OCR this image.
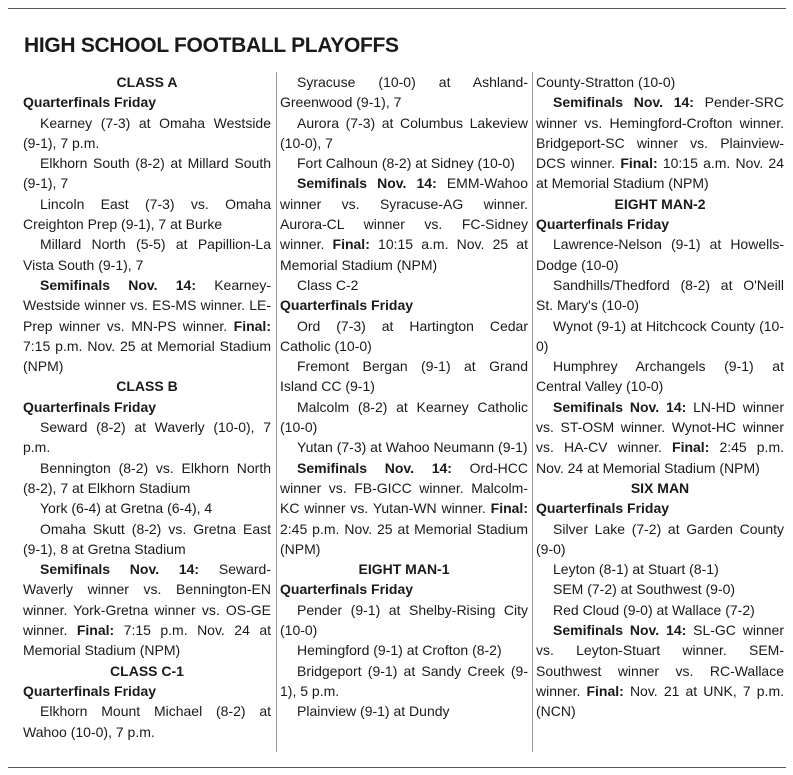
HIGH SCHOOL FOOTBALL PLAYOFFS
CLASS A
Quarterfinals Friday
Kearney (7-3) at Omaha Westside (9-1), 7 p.m.
Elkhorn South (8-2) at Millard South (9-1), 7
Lincoln East (7-3) vs. Omaha Creighton Prep (9-1), 7 at Burke
Millard North (5-5) at Papillion-La Vista South (9-1), 7
Semifinals Nov. 14: Kearney-Westside winner vs. ES-MS winner. LE-Prep winner vs. MN-PS winner. Final: 7:15 p.m. Nov. 25 at Memorial Stadium (NPM)
CLASS B
Quarterfinals Friday
Seward (8-2) at Waverly (10-0), 7 p.m.
Bennington (8-2) vs. Elkhorn North (8-2), 7 at Elkhorn Stadium
York (6-4) at Gretna (6-4), 4
Omaha Skutt (8-2) vs. Gretna East (9-1), 8 at Gretna Stadium
Semifinals Nov. 14: Seward-Waverly winner vs. Bennington-EN winner. York-Gretna winner vs. OS-GE winner. Final: 7:15 p.m. Nov. 24 at Memorial Stadium (NPM)
CLASS C-1
Quarterfinals Friday
Elkhorn Mount Michael (8-2) at Wahoo (10-0), 7 p.m.
Syracuse (10-0) at Ashland-Greenwood (9-1), 7
Aurora (7-3) at Columbus Lakeview (10-0), 7
Fort Calhoun (8-2) at Sidney (10-0)
Semifinals Nov. 14: EMM-Wahoo winner vs. Syracuse-AG winner. Aurora-CL winner vs. FC-Sidney winner. Final: 10:15 a.m. Nov. 25 at Memorial Stadium (NPM)
Class C-2
Quarterfinals Friday
Ord (7-3) at Hartington Cedar Catholic (10-0)
Fremont Bergan (9-1) at Grand Island CC (9-1)
Malcolm (8-2) at Kearney Catholic (10-0)
Yutan (7-3) at Wahoo Neumann (9-1)
Semifinals Nov. 14: Ord-HCC winner vs. FB-GICC winner. Malcolm-KC winner vs. Yutan-WN winner. Final: 2:45 p.m. Nov. 25 at Memorial Stadium (NPM)
EIGHT MAN-1
Quarterfinals Friday
Pender (9-1) at Shelby-Rising City (10-0)
Hemingford (9-1) at Crofton (8-2)
Bridgeport (9-1) at Sandy Creek (9-1), 5 p.m.
Plainview (9-1) at Dundy
County-Stratton (10-0)
Semifinals Nov. 14: Pender-SRC winner vs. Hemingford-Crofton winner. Bridgeport-SC winner vs. Plainview-DCS winner. Final: 10:15 a.m. Nov. 24 at Memorial Stadium (NPM)
EIGHT MAN-2
Quarterfinals Friday
Lawrence-Nelson (9-1) at Howells-Dodge (10-0)
Sandhills/Thedford (8-2) at O'Neill St. Mary's (10-0)
Wynot (9-1) at Hitchcock County (10-0)
Humphrey Archangels (9-1) at Central Valley (10-0)
Semifinals Nov. 14: LN-HD winner vs. ST-OSM winner. Wynot-HC winner vs. HA-CV winner. Final: 2:45 p.m. Nov. 24 at Memorial Stadium (NPM)
SIX MAN
Quarterfinals Friday
Silver Lake (7-2) at Garden County (9-0)
Leyton (8-1) at Stuart (8-1)
SEM (7-2) at Southwest (9-0)
Red Cloud (9-0) at Wallace (7-2)
Semifinals Nov. 14: SL-GC winner vs. Leyton-Stuart winner. SEM-Southwest winner vs. RC-Wallace winner. Final: Nov. 21 at UNK, 7 p.m. (NCN)
